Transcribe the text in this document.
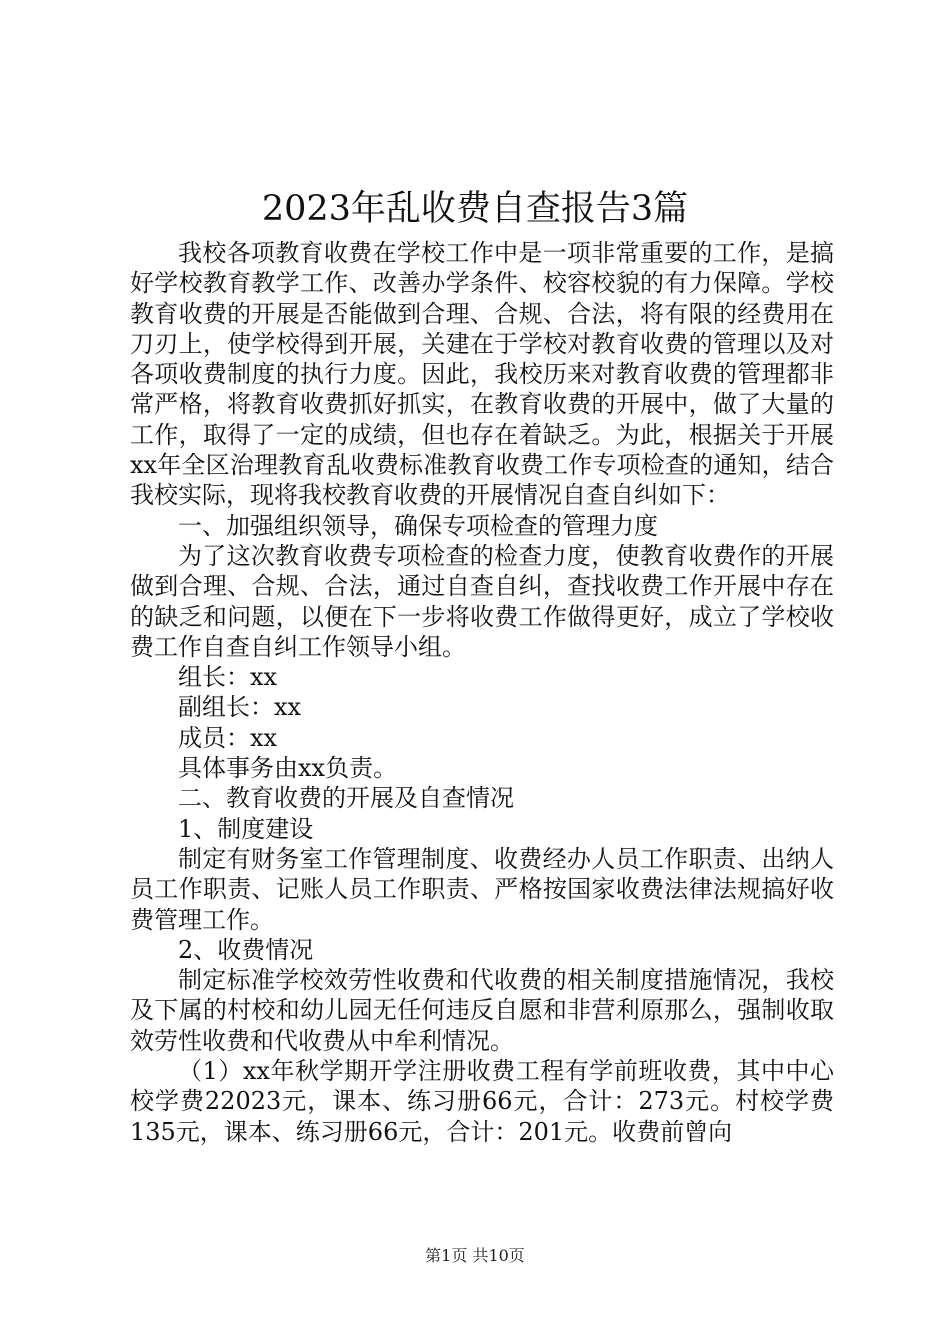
2023年乱收费自查报告3篇

我校各项教育收费在学校工作中是一项非常重要的工作，是搞好学校教育教学工作、改善办学条件、校容校貌的有力保障。学校教育收费的开展是否能做到合理、合规、合法，将有限的经费用在刀刃上，使学校得到开展，关建在于学校对教育收费的管理以及对各项收费制度的执行力度。因此，我校历来对教育收费的管理都非常严格，将教育收费抓好抓实，在教育收费的开展中，做了大量的工作，取得了一定的成绩，但也存在着缺乏。为此，根据关于开展xx年全区治理教育乱收费标准教育收费工作专项检查的通知，结合我校实际，现将我校教育收费的开展情况自查自纠如下：

一、加强组织领导，确保专项检查的管理力度

为了这次教育收费专项检查的检查力度，使教育收费作的开展做到合理、合规、合法，通过自查自纠，查找收费工作开展中存在的缺乏和问题，以便在下一步将收费工作做得更好，成立了学校收费工作自查自纠工作领导小组。

组长：xx

副组长：xx

成员：xx

具体事务由xx负责。

二、教育收费的开展及自查情况

1、制度建设

制定有财务室工作管理制度、收费经办人员工作职责、出纳人员工作职责、记账人员工作职责、严格按国家收费法律法规搞好收费管理工作。

2、收费情况

制定标准学校效劳性收费和代收费的相关制度措施情况，我校及下属的村校和幼儿园无任何违反自愿和非营利原那么，强制收取效劳性收费和代收费从中牟利情况。

（1）xx年秋学期开学注册收费工程有学前班收费，其中中心校学费22023元，课本、练习册66元，合计：273元。村校学费135元，课本、练习册66元，合计：201元。收费前曾向

第1页 共10页
